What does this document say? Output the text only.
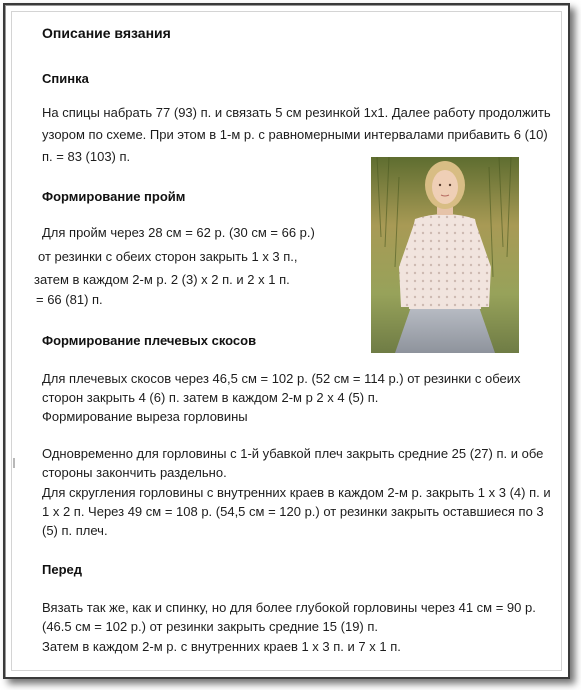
Описание вязания
Спинка
На спицы набрать 77 (93) п. и связать 5 см резинкой 1х1. Далее работу продолжить
узором по схеме. При этом в 1-м р. с равномерными интервалами прибавить 6 (10)
п. = 83 (103) п.
Формирование пройм
Для пройм через 28 см = 62 р. (30 см = 66 р.)
от резинки с обеих сторон закрыть 1 х 3 п.,
затем в каждом 2-м р. 2 (3) х 2 п. и 2 х 1 п.
= 66 (81) п.
Формирование плечевых скосов
Для плечевых скосов через 46,5 см = 102 р. (52 см = 114 р.) от резинки с обеих
сторон закрыть 4 (6) п. затем в каждом 2-м р 2 х 4 (5) п.
Формирование выреза горловины
Одновременно для горловины с 1-й убавкой плеч закрыть средние 25 (27) п. и обе
стороны закончить раздельно.
Для скругления горловины с внутренних краев в каждом 2-м р. закрыть 1 х 3 (4) п. и
1 х 2 п. Через 49 см = 108 р. (54,5 см = 120 р.) от резинки закрыть оставшиеся по 3
(5) п. плеч.
Перед
Вязать так же, как и спинку, но для более глубокой горловины через 41 см = 90 р.
(46.5 см = 102 р.) от резинки закрыть средние 15 (19) п.
Затем в каждом 2-м р. с внутренних краев 1 х 3 п. и 7 х 1 п.
